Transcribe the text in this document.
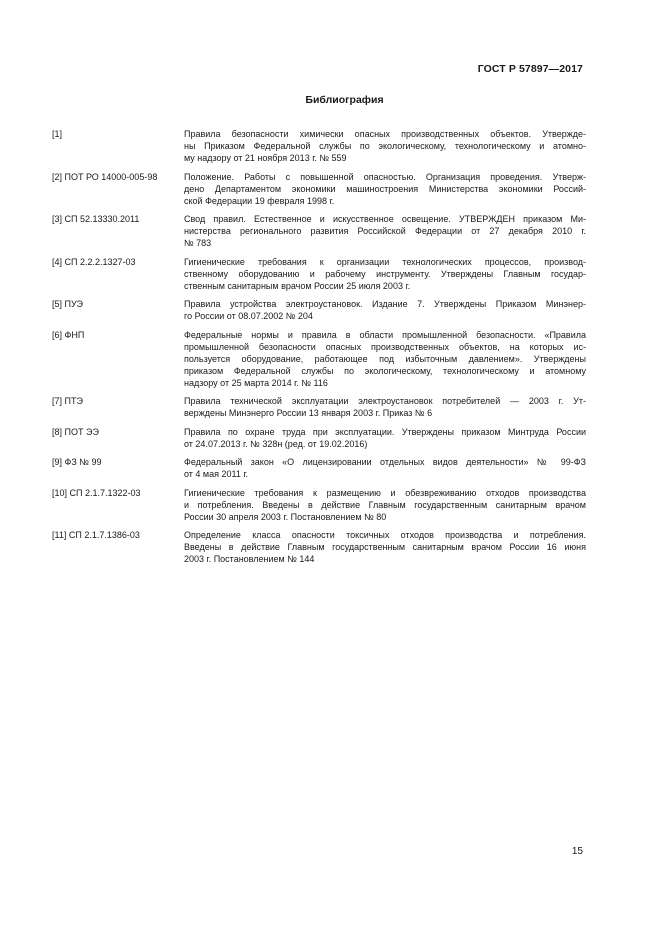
ГОСТ Р 57897—2017
Библиография
[1]	Правила безопасности химически опасных производственных объектов. Утвержде-
ны Приказом Федеральной службы по экологическому, технологическому и атомно-
му надзору от 21 ноября 2013 г. № 559
[2] ПОТ РО 14000-005-98	Положение. Работы с повышенной опасностью. Организация проведения. Утверж-
дено Департаментом экономики машиностроения Министерства экономики Россий-
ской Федерации 19 февраля 1998 г.
[3] СП 52.13330.2011	Свод правил. Естественное и искусственное освещение. УТВЕРЖДЕН приказом Ми-
нистерства регионального развития Российской Федерации от 27 декабря 2010 г.
№ 783
[4] СП 2.2.2.1327-03	Гигиенические требования к организации технологических процессов, производ-
ственному оборудованию и рабочему инструменту. Утверждены Главным государ-
ственным санитарным врачом России 25 июля 2003 г.
[5] ПУЭ	Правила устройства электроустановок. Издание 7. Утверждены Приказом Минэнер-
го России от 08.07.2002 № 204
[6] ФНП	Федеральные нормы и правила в области промышленной безопасности. «Правила
промышленной безопасности опасных производственных объектов, на которых ис-
пользуется оборудование, работающее под избыточным давлением». Утверждены
приказом Федеральной службы по экологическому, технологическому и атомному
надзору от 25 марта 2014 г. № 116
[7] ПТЭ	Правила технической эксплуатации электроустановок потребителей — 2003 г. Ут-
верждены Минэнерго России 13 января 2003 г. Приказ № 6
[8] ПОТ ЭЭ	Правила по охране труда при эксплуатации. Утверждены приказом Минтруда России
от 24.07.2013 г. № 328н (ред. от 19.02.2016)
[9] ФЗ № 99	Федеральный закон «О лицензировании отдельных видов деятельности» № 99-ФЗ
от 4 мая 2011 г.
[10] СП 2.1.7.1322-03	Гигиенические требования к размещению и обезвреживанию отходов производства
и потребления. Введены в действие Главным государственным санитарным врачом
России 30 апреля 2003 г. Постановлением № 80
[11] СП 2.1.7.1386-03	Определение класса опасности токсичных отходов производства и потребления.
Введены в действие Главным государственным санитарным врачом России 16 июня
2003 г. Постановлением № 144
15
